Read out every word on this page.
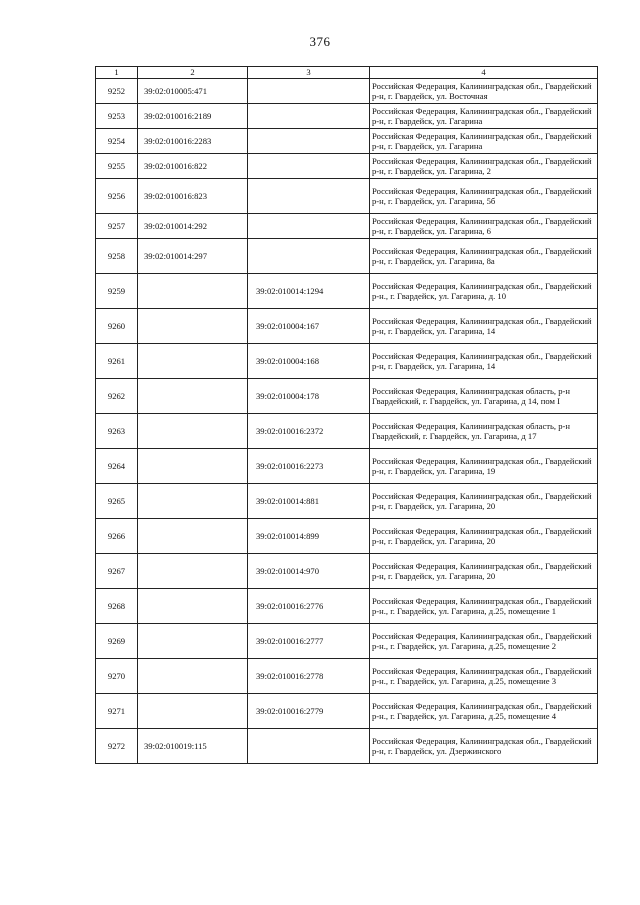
376
1	2	3	4
9252	39:02:010005:471		Российская Федерация, Калининградская обл., Гвардейский р-н, г. Гвардейск, ул. Восточная
9253	39:02:010016:2189		Российская Федерация, Калининградская обл., Гвардейский р-н, г. Гвардейск, ул. Гагарина
9254	39:02:010016:2283		Российская Федерация, Калининградская обл., Гвардейский р-н, г. Гвардейск, ул. Гагарина
9255	39:02:010016:822		Российская Федерация, Калининградская обл., Гвардейский р-н, г. Гвардейск, ул. Гагарина, 2
9256	39:02:010016:823		Российская Федерация, Калининградская обл., Гвардейский р-н, г. Гвардейск, ул. Гагарина, 5б
9257	39:02:010014:292		Российская Федерация, Калининградская обл., Гвардейский р-н, г. Гвардейск, ул. Гагарина, 6
9258	39:02:010014:297		Российская Федерация, Калининградская обл., Гвардейский р-н, г. Гвардейск, ул. Гагарина, 8а
9259		39:02:010014:1294	Российская Федерация, Калининградская обл., Гвардейский р-н., г. Гвардейск, ул. Гагарина, д. 10
9260		39:02:010004:167	Российская Федерация, Калининградская обл., Гвардейский р-н, г. Гвардейск, ул. Гагарина, 14
9261		39:02:010004:168	Российская Федерация, Калининградская обл., Гвардейский р-н, г. Гвардейск, ул. Гагарина, 14
9262		39:02:010004:178	Российская Федерация, Калининградская область, р-н Гвардейский, г. Гвардейск, ул. Гагарина, д 14, пом I
9263		39:02:010016:2372	Российская Федерация, Калининградская область, р-н Гвардейский, г. Гвардейск, ул. Гагарина, д 17
9264		39:02:010016:2273	Российская Федерация, Калининградская обл., Гвардейский р-н, г. Гвардейск, ул. Гагарина, 19
9265		39:02:010014:881	Российская Федерация, Калининградская обл., Гвардейский р-н, г. Гвардейск, ул. Гагарина, 20
9266		39:02:010014:899	Российская Федерация, Калининградская обл., Гвардейский р-н, г. Гвардейск, ул. Гагарина, 20
9267		39:02:010014:970	Российская Федерация, Калининградская обл., Гвардейский р-н, г. Гвардейск, ул. Гагарина, 20
9268		39:02:010016:2776	Российская Федерация, Калининградская обл., Гвардейский р-н., г. Гвардейск, ул. Гагарина, д.25, помещение 1
9269		39:02:010016:2777	Российская Федерация, Калининградская обл., Гвардейский р-н., г. Гвардейск, ул. Гагарина, д.25, помещение 2
9270		39:02:010016:2778	Российская Федерация, Калининградская обл., Гвардейский р-н., г. Гвардейск, ул. Гагарина, д.25, помещение 3
9271		39:02:010016:2779	Российская Федерация, Калининградская обл., Гвардейский р-н., г. Гвардейск, ул. Гагарина, д.25, помещение 4
9272	39:02:010019:115		Российская Федерация, Калининградская обл., Гвардейский р-н, г. Гвардейск, ул. Дзержинского
